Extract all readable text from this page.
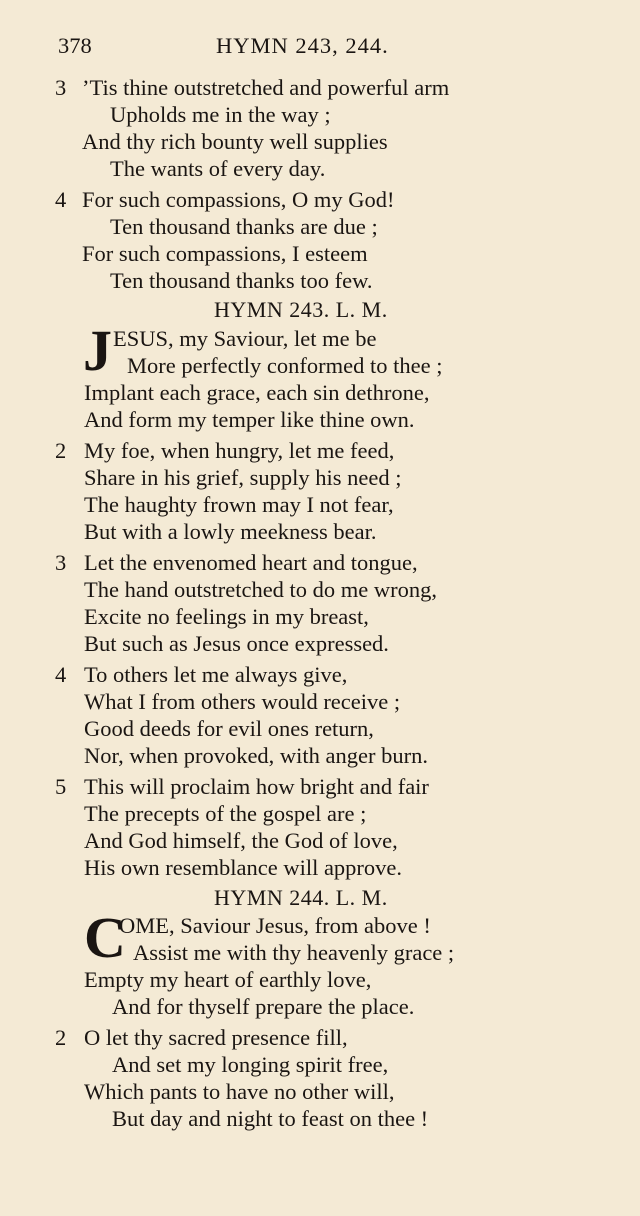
378	HYMN 243, 244.
3 ’Tis thine outstretched and powerful arm
Upholds me in the way ;
And thy rich bounty well supplies
The wants of every day.
4 For such compassions, O my God!
Ten thousand thanks are due ;
For such compassions, I esteem
Ten thousand thanks too few.
HYMN 243. L. M.
J ESUS, my Saviour, let me be
More perfectly conformed to thee ;
Implant each grace, each sin dethrone,
And form my temper like thine own.
2 My foe, when hungry, let me feed,
Share in his grief, supply his need ;
The haughty frown may I not fear,
But with a lowly meekness bear.
3 Let the envenomed heart and tongue,
The hand outstretched to do me wrong,
Excite no feelings in my breast,
But such as Jesus once expressed.
4 To others let me always give,
What I from others would receive ;
Good deeds for evil ones return,
Nor, when provoked, with anger burn.
5 This will proclaim how bright and fair
The precepts of the gospel are ;
And God himself, the God of love,
His own resemblance will approve.
HYMN 244. L. M.
C
OME, Saviour Jesus, from above !
Assist me with thy heavenly grace ;
Empty my heart of earthly love,
And for thyself prepare the place.
2 O let thy sacred presence fill,
And set my longing spirit free,
Which pants to have no other will,
But day and night to feast on thee !
